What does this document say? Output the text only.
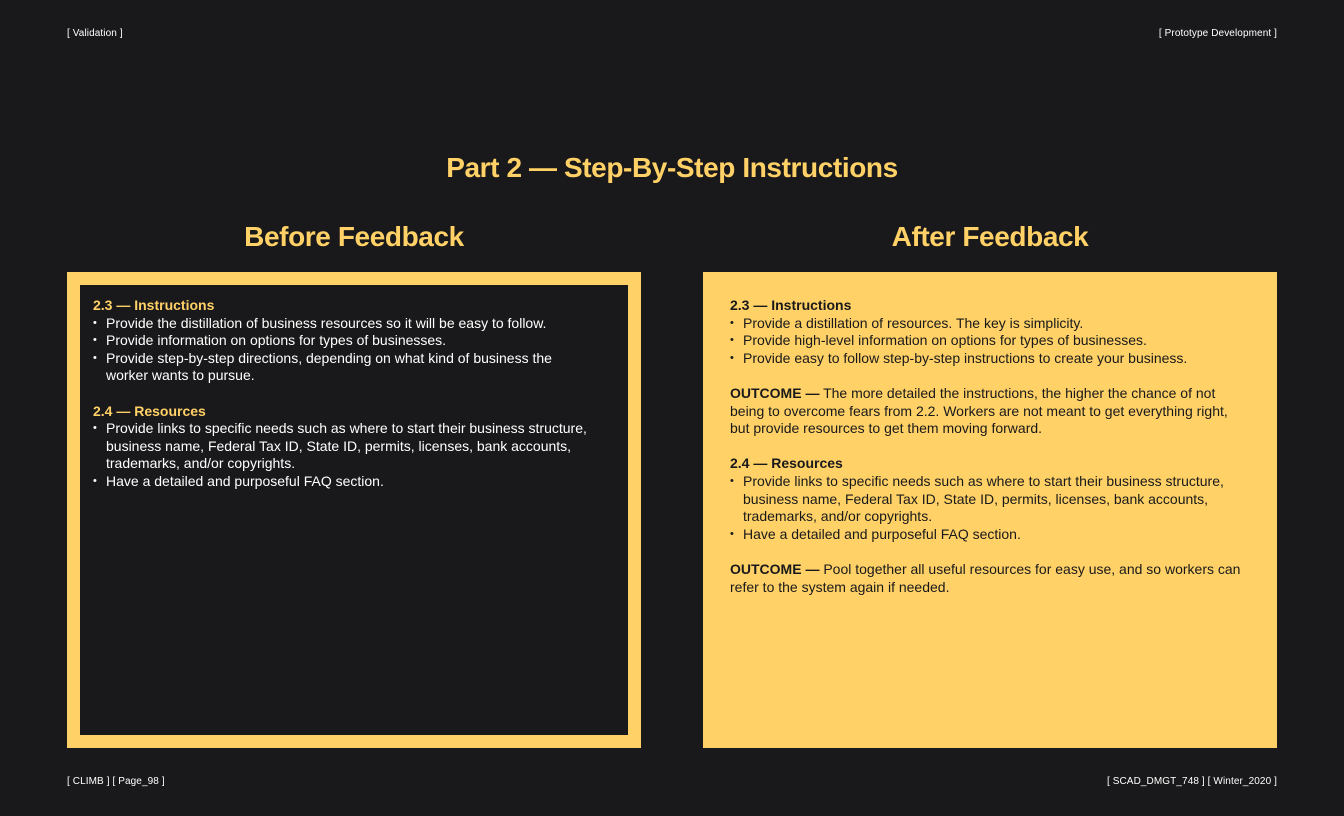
[ Validation ]	[ Prototype Development ]
Part 2 — Step-By-Step Instructions
Before Feedback	After Feedback
2.3 — Instructions
• Provide the distillation of business resources so it will be easy to follow.
• Provide information on options for types of businesses.
• Provide step-by-step directions, depending on what kind of business the worker wants to pursue.
2.4 — Resources
• Provide links to specific needs such as where to start their business structure, business name, Federal Tax ID, State ID, permits, licenses, bank accounts, trademarks, and/or copyrights.
• Have a detailed and purposeful FAQ section.
2.3 — Instructions
• Provide a distillation of resources. The key is simplicity.
• Provide high-level information on options for types of businesses.
• Provide easy to follow step-by-step instructions to create your business.

OUTCOME — The more detailed the instructions, the higher the chance of not being to overcome fears from 2.2. Workers are not meant to get everything right, but provide resources to get them moving forward.

2.4 — Resources
• Provide links to specific needs such as where to start their business structure, business name, Federal Tax ID, State ID, permits, licenses, bank accounts, trademarks, and/or copyrights.
• Have a detailed and purposeful FAQ section.

OUTCOME — Pool together all useful resources for easy use, and so workers can refer to the system again if needed.

[ CLIMB ] [ Page_98 ]	[ SCAD_DMGT_748 ] [ Winter_2020 ]
